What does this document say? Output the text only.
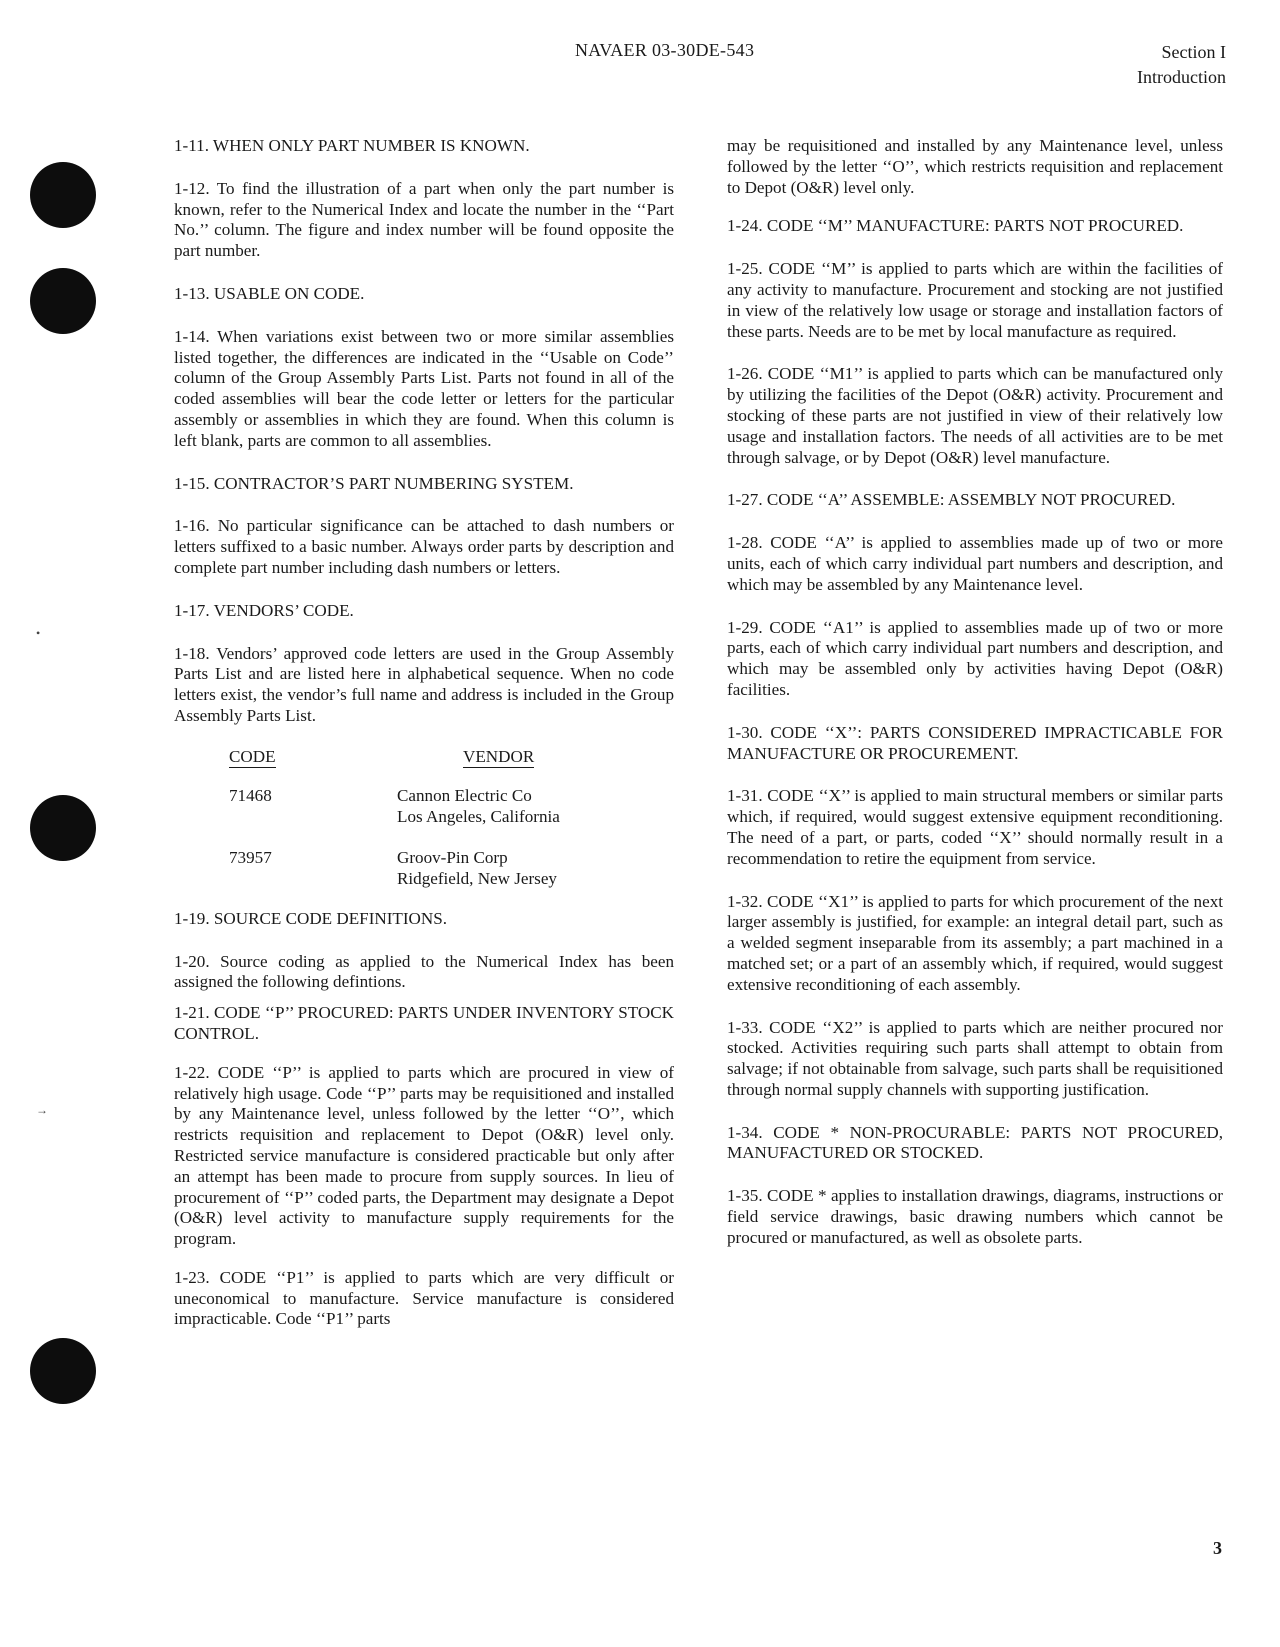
•
→
NAVAER 03-30DE-543	Section I
Introduction

1-11. WHEN ONLY PART NUMBER IS KNOWN.

1-12. To find the illustration of a part when only the part number is known, refer to the Numerical Index and locate the number in the ‘‘Part No.’’ column. The figure and index number will be found opposite the part number.

1-13. USABLE ON CODE.

1-14. When variations exist between two or more similar assemblies listed together, the differences are indicated in the ‘‘Usable on Code’’ column of the Group Assembly Parts List. Parts not found in all of the coded assemblies will bear the code letter or letters for the particular assembly or assemblies in which they are found. When this column is left blank, parts are common to all assemblies.

1-15. CONTRACTOR’S PART NUMBERING SYSTEM.

1-16. No particular significance can be attached to dash numbers or letters suffixed to a basic number. Always order parts by description and complete part number including dash numbers or letters.

1-17. VENDORS’ CODE.

1-18. Vendors’ approved code letters are used in the Group Assembly Parts List and are listed here in alphabetical sequence. When no code letters exist, the vendor’s full name and address is included in the Group Assembly Parts List.

CODE	VENDOR
71468	Cannon Electric Co
Los Angeles, California
73957	Groov-Pin Corp
Ridgefield, New Jersey

1-19. SOURCE CODE DEFINITIONS.

1-20. Source coding as applied to the Numerical Index has been assigned the following defintions.

1-21. CODE ‘‘P’’ PROCURED: PARTS UNDER INVENTORY STOCK CONTROL.

1-22. CODE ‘‘P’’ is applied to parts which are procured in view of relatively high usage. Code ‘‘P’’ parts may be requisitioned and installed by any Maintenance level, unless followed by the letter ‘‘O’’, which restricts requisition and replacement to Depot (O&R) level only. Restricted service manufacture is considered practicable but only after an attempt has been made to procure from supply sources. In lieu of procurement of ‘‘P’’ coded parts, the Department may designate a Depot (O&R) level activity to manufacture supply requirements for the program.

1-23. CODE ‘‘P1’’ is applied to parts which are very difficult or uneconomical to manufacture. Service manufacture is considered impracticable. Code ‘‘P1’’ parts

may be requisitioned and installed by any Maintenance level, unless followed by the letter ‘‘O’’, which restricts requisition and replacement to Depot (O&R) level only.

1-24. CODE ‘‘M’’ MANUFACTURE: PARTS NOT PROCURED.

1-25. CODE ‘‘M’’ is applied to parts which are within the facilities of any activity to manufacture. Procurement and stocking are not justified in view of the relatively low usage or storage and installation factors of these parts. Needs are to be met by local manufacture as required.

1-26. CODE ‘‘M1’’ is applied to parts which can be manufactured only by utilizing the facilities of the Depot (O&R) activity. Procurement and stocking of these parts are not justified in view of their relatively low usage and installation factors. The needs of all activities are to be met through salvage, or by Depot (O&R) level manufacture.

1-27. CODE ‘‘A’’ ASSEMBLE: ASSEMBLY NOT PROCURED.

1-28. CODE ‘‘A’’ is applied to assemblies made up of two or more units, each of which carry individual part numbers and description, and which may be assembled by any Maintenance level.

1-29. CODE ‘‘A1’’ is applied to assemblies made up of two or more parts, each of which carry individual part numbers and description, and which may be assembled only by activities having Depot (O&R) facilities.

1-30. CODE ‘‘X’’: PARTS CONSIDERED IMPRACTICABLE FOR MANUFACTURE OR PROCUREMENT.

1-31. CODE ‘‘X’’ is applied to main structural members or similar parts which, if required, would suggest extensive equipment reconditioning. The need of a part, or parts, coded ‘‘X’’ should normally result in a recommendation to retire the equipment from service.

1-32. CODE ‘‘X1’’ is applied to parts for which procurement of the next larger assembly is justified, for example: an integral detail part, such as a welded segment inseparable from its assembly; a part machined in a matched set; or a part of an assembly which, if required, would suggest extensive reconditioning of each assembly.

1-33. CODE ‘‘X2’’ is applied to parts which are neither procured nor stocked. Activities requiring such parts shall attempt to obtain from salvage; if not obtainable from salvage, such parts shall be requisitioned through normal supply channels with supporting justification.

1-34. CODE * NON-PROCURABLE: PARTS NOT PROCURED, MANUFACTURED OR STOCKED.

1-35. CODE * applies to installation drawings, diagrams, instructions or field service drawings, basic drawing numbers which cannot be procured or manufactured, as well as obsolete parts.

3
